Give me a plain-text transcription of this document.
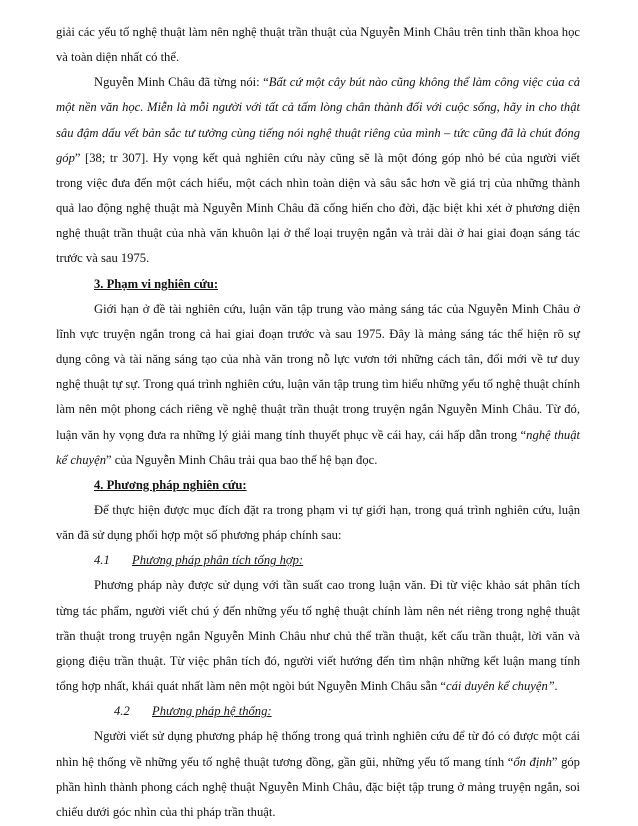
giải các yếu tố nghệ thuật làm nên nghệ thuật trần thuật của Nguyễn Minh Châu trên tinh thần khoa học và toàn diện nhất có thể.

Nguyễn Minh Châu đã từng nói: “Bất cứ một cây bút nào cũng không thể làm công việc của cả một nền văn học. Miễn là mỗi người với tất cả tấm lòng chân thành đối với cuộc sống, hãy in cho thật sâu đậm dấu vết bản sắc tư tưởng cùng tiếng nói nghệ thuật riêng của mình – tức cũng đã là chút đóng góp” [38; tr 307]. Hy vọng kết quả nghiên cứu này cũng sẽ là một đóng góp nhỏ bé của người viết trong việc đưa đến một cách hiểu, một cách nhìn toàn diện và sâu sắc hơn về giá trị của những thành quả lao động nghệ thuật mà Nguyễn Minh Châu đã cống hiến cho đời, đặc biệt khi xét ở phương diện nghệ thuật trần thuật của nhà văn khuôn lại ở thể loại truyện ngắn và trải dài ở hai giai đoạn sáng tác trước và sau 1975.

3. Phạm vi nghiên cứu:

Giới hạn ở đề tài nghiên cứu, luận văn tập trung vào mảng sáng tác của Nguyễn Minh Châu ở lĩnh vực truyện ngắn trong cả hai giai đoạn trước và sau 1975. Đây là mảng sáng tác thể hiện rõ sự dụng công và tài năng sáng tạo của nhà văn trong nỗ lực vươn tới những cách tân, đổi mới về tư duy nghệ thuật tự sự. Trong quá trình nghiên cứu, luận văn tập trung tìm hiểu những yếu tố nghệ thuật chính làm nên một phong cách riêng về nghệ thuật trần thuật trong truyện ngắn Nguyễn Minh Châu. Từ đó, luận văn hy vọng đưa ra những lý giải mang tính thuyết phục về cái hay, cái hấp dẫn trong “nghệ thuật kể chuyện” của Nguyễn Minh Châu trải qua bao thế hệ bạn đọc.

4. Phương pháp nghiên cứu:

Để thực hiện được mục đích đặt ra trong phạm vi tự giới hạn, trong quá trình nghiên cứu, luận văn đã sử dụng phối hợp một số phương pháp chính sau:

4.1 Phương pháp phân tích tổng hợp:

Phương pháp này được sử dụng với tần suất cao trong luận văn. Đi từ việc khảo sát phân tích từng tác phẩm, người viết chú ý đến những yếu tố nghệ thuật chính làm nên nét riêng trong nghệ thuật trần thuật trong truyện ngắn Nguyễn Minh Châu như chủ thể trần thuật, kết cấu trần thuật, lời văn và giọng điệu trần thuật. Từ việc phân tích đó, người viết hướng đến tìm nhận những kết luận mang tính tổng hợp nhất, khái quát nhất làm nên một ngòi bút Nguyễn Minh Châu sẵn “cái duyên kể chuyện”.

4.2 Phương pháp hệ thống:

Người viết sử dụng phương pháp hệ thống trong quá trình nghiên cứu để từ đó có được một cái nhìn hệ thống về những yếu tố nghệ thuật tương đồng, gần gũi, những yếu tố mang tính “ổn định” góp phần hình thành phong cách nghệ thuật Nguyễn Minh Châu, đặc biệt tập trung ở mảng truyện ngắn, soi chiếu dưới góc nhìn của thi pháp trần thuật.
